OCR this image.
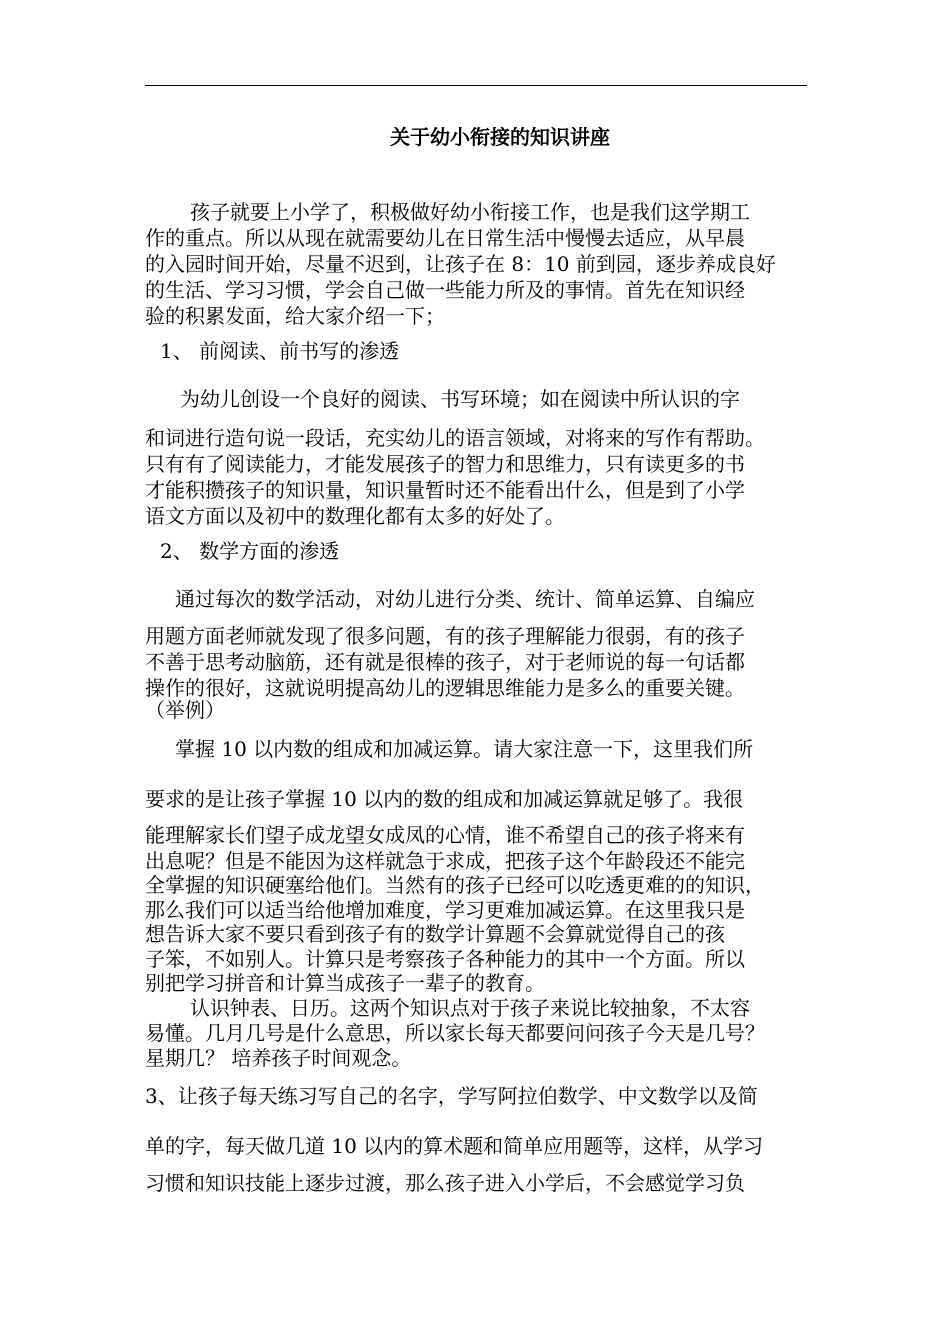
关于幼小衔接的知识讲座
孩子就要上小学了，积极做好幼小衔接工作，也是我们这学期工
作的重点。所以从现在就需要幼儿在日常生活中慢慢去适应，从早晨
的入园时间开始，尽量不迟到，让孩子在 8：10 前到园，逐步养成良好
的生活、学习习惯，学会自己做一些能力所及的事情。首先在知识经
验的积累发面，给大家介绍一下；
1、 前阅读、前书写的渗透
为幼儿创设一个良好的阅读、书写环境；如在阅读中所认识的字
和词进行造句说一段话，充实幼儿的语言领域，对将来的写作有帮助。
只有有了阅读能力，才能发展孩子的智力和思维力，只有读更多的书
才能积攒孩子的知识量，知识量暂时还不能看出什么，但是到了小学
语文方面以及初中的数理化都有太多的好处了。
2、 数学方面的渗透
通过每次的数学活动，对幼儿进行分类、统计、简单运算、自编应
用题方面老师就发现了很多问题，有的孩子理解能力很弱，有的孩子
不善于思考动脑筋，还有就是很棒的孩子，对于老师说的每一句话都
操作的很好，这就说明提高幼儿的逻辑思维能力是多么的重要关键。
（举例）
掌握 10 以内数的组成和加减运算。请大家注意一下，这里我们所
要求的是让孩子掌握 10 以内的数的组成和加减运算就足够了。我很
能理解家长们望子成龙望女成凤的心情，谁不希望自己的孩子将来有
出息呢？但是不能因为这样就急于求成，把孩子这个年龄段还不能完
全掌握的知识硬塞给他们。当然有的孩子已经可以吃透更难的的知识，
那么我们可以适当给他增加难度，学习更难加减运算。在这里我只是
想告诉大家不要只看到孩子有的数学计算题不会算就觉得自己的孩
子笨，不如别人。计算只是考察孩子各种能力的其中一个方面。所以
别把学习拼音和计算当成孩子一辈子的教育。
认识钟表、日历。这两个知识点对于孩子来说比较抽象，不太容
易懂。几月几号是什么意思，所以家长每天都要问问孩子今天是几号？
星期几？ 培养孩子时间观念。
3、让孩子每天练习写自己的名字，学写阿拉伯数学、中文数学以及简
单的字，每天做几道 10 以内的算术题和简单应用题等，这样，从学习
习惯和知识技能上逐步过渡，那么孩子进入小学后，不会感觉学习负
